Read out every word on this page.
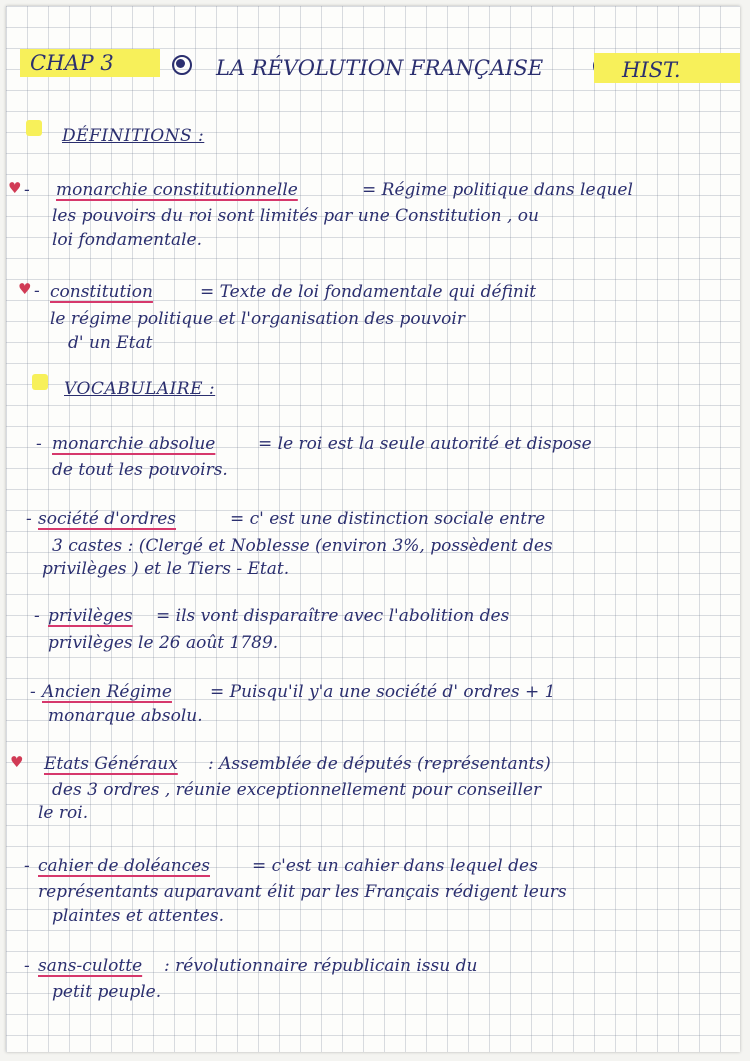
CHAP 3
	LA RÉVOLUTION FRANÇAISE	HIST.
DÉFINITIONS :
♥ - monarchie constitutionnelle	= Régime politique dans lequel
les pouvoirs du roi sont limités par une Constitution , ou
loi fondamentale.
♥ - constitution	= Texte de loi fondamentale qui définit
le régime politique et l'organisation des pouvoir
d' un Etat
VOCABULAIRE :
- monarchie absolue	= le roi est la seule autorité et dispose
de tout les pouvoirs.
- société d'ordres	= c' est une distinction sociale entre
3 castes : (Clergé et Noblesse (environ 3%, possèdent des
privilèges ) et le Tiers - Etat.
- privilèges = ils vont disparaître avec l'abolition des
privilèges le 26 août 1789.
- Ancien Régime = Puisqu'il y'a une société d' ordres + 1
monarque absolu.
♥ Etats Généraux : Assemblée de députés (représentants)
des 3 ordres , réunie exceptionnellement pour conseiller
le roi.
- cahier de doléances = c'est un cahier dans lequel des
représentants auparavant élit par les Français rédigent leurs
plaintes et attentes.
- sans-culotte : révolutionnaire républicain issu du
petit peuple.
